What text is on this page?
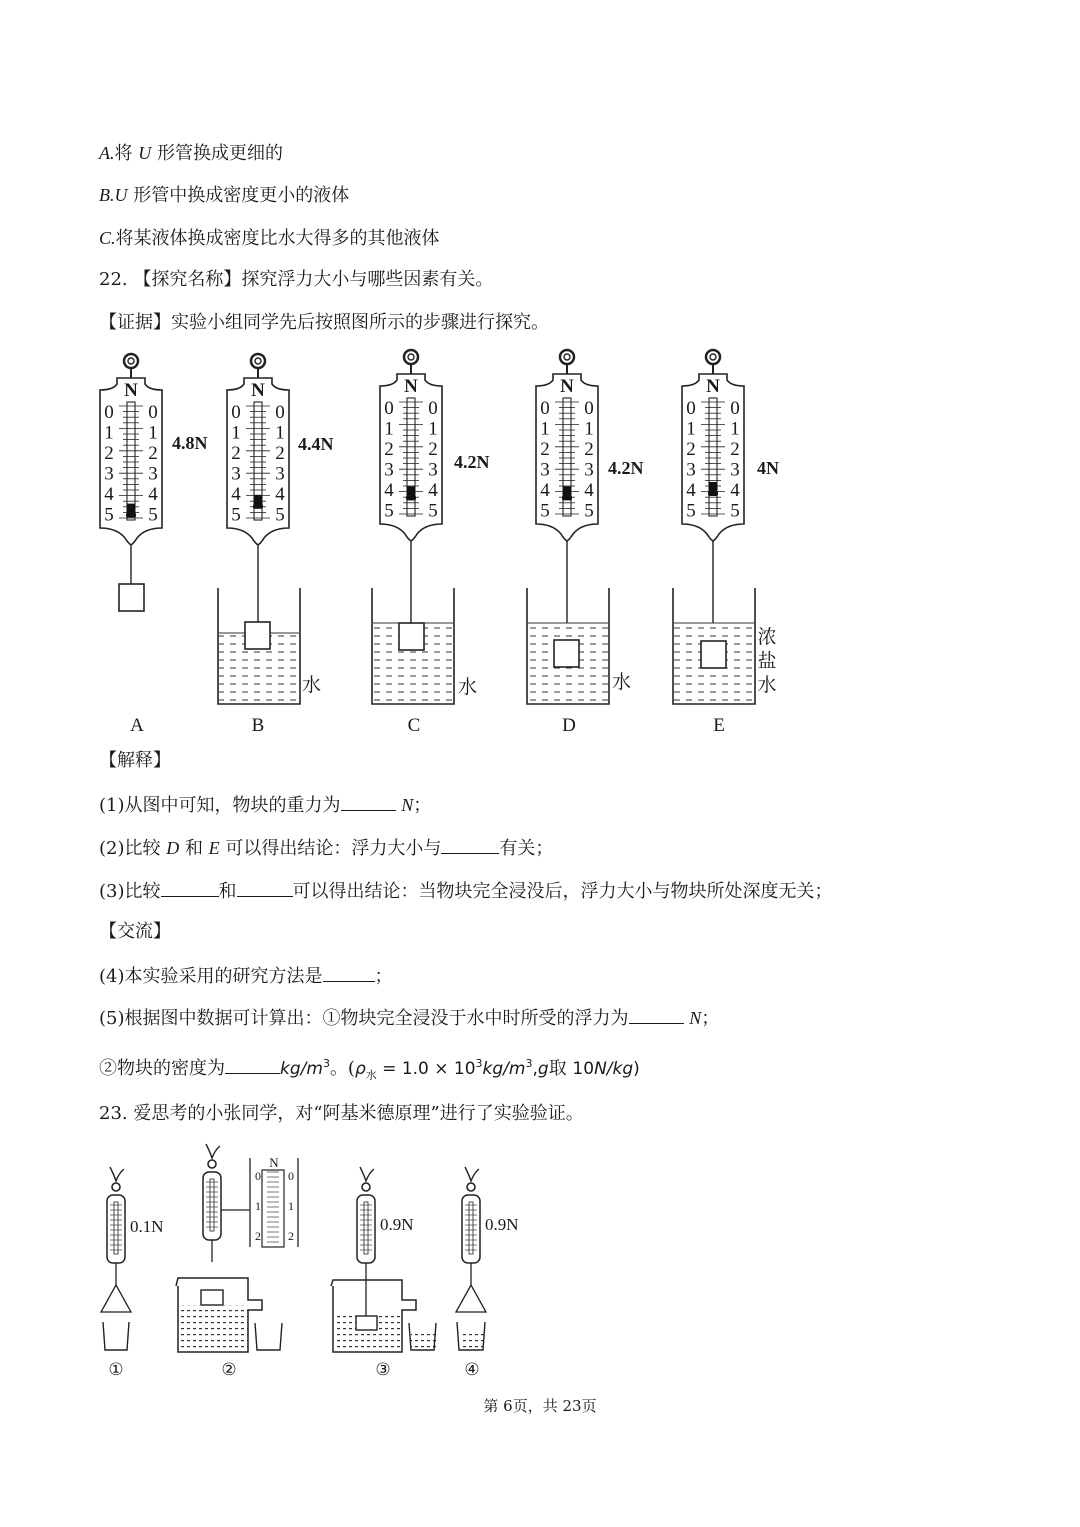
A.将 U 形管换成更细的
B.U 形管中换成密度更小的液体
C.将某液体换成密度比水大得多的其他液体
22. 【探究名称】探究浮力大小与哪些因素有关。
【证据】实验小组同学先后按照图所示的步骤进行探究。
N
0 0
1 1
2 2
3 3
4 4
5 5
4.8N
A
N
0 0
1 1
2 2
3 3
4 4
5 5
4.4N
水
B
N
0 0
1 1
2 2
3 3
4 4
5 5
4.2N
水
C
N
0 0
1 1
2 2
3 3
4 4
5 5
4.2N
水
D
N
0 0
1 1
2 2
3 3
4 4
5 5
4N
浓
盐
水
E
【解释】
(1)从图中可知，物块的重力为	N；
(2)比较 D 和 E 可以得出结论：浮力大小与	有关；
(3)比较	和	可以得出结论：当物块完全浸没后，浮力大小与物块所处深度无关；
【交流】
(4)本实验采用的研究方法是	；
(5)根据图中数据可计算出：①物块完全浸没于水中时所受的浮力为	N；
②物块的密度为	$kg/m^3$。($\rho_水 = 1.0 \times 10^3kg/m^3,g$取 10N/kg)
23. 爱思考的小张同学，对“阿基米德原理”进行了实验验证。
0.1N
①
N
0 0
1 1
2 2
②
0.9N
③
0.9N
④
第 6页，共 23页
